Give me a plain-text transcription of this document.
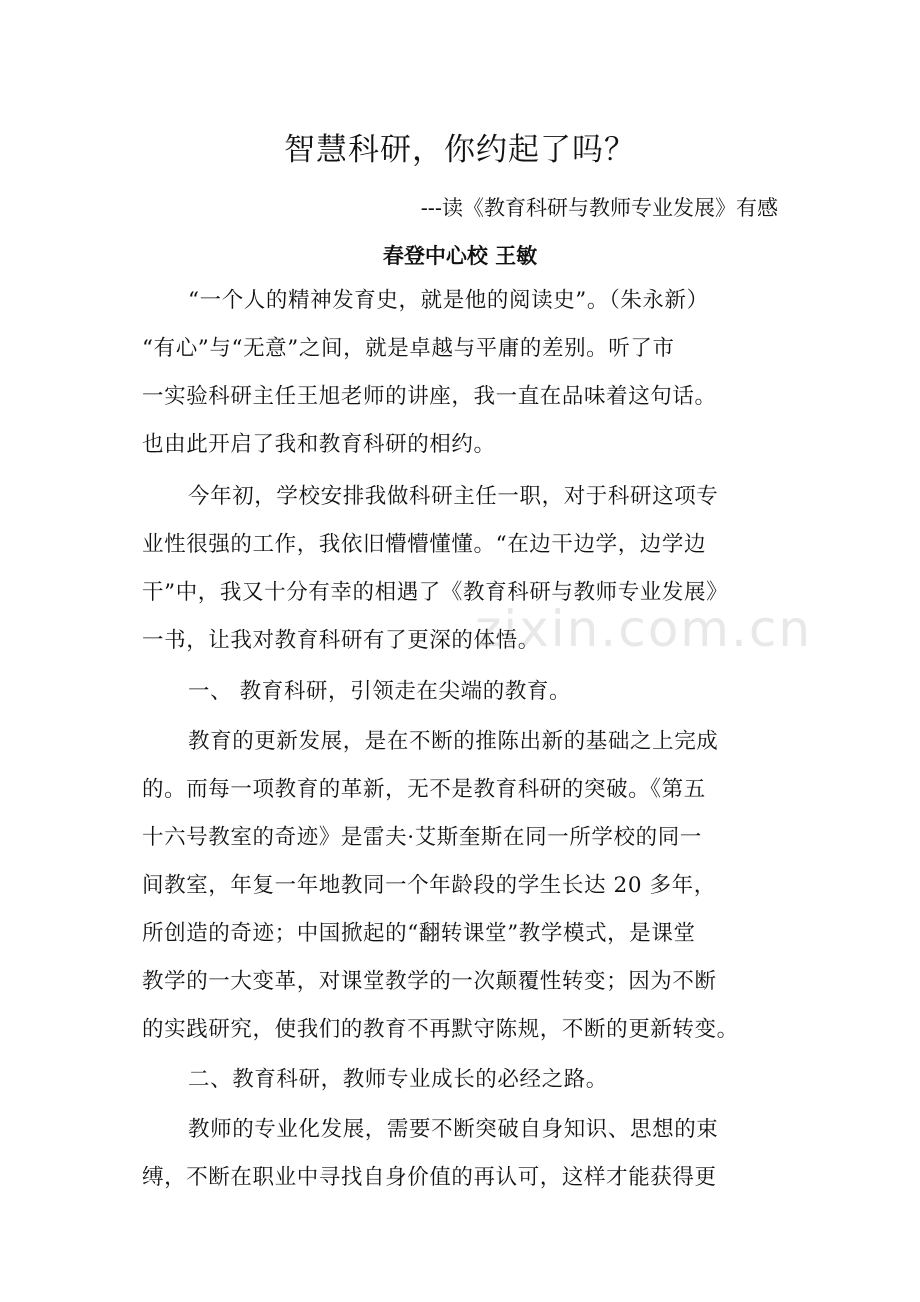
智慧科研，你约起了吗？
---读《教育科研与教师专业发展》有感
春登中心校 王敏
“一个人的精神发育史，就是他的阅读史”。（朱永新）
“有心”与“无意”之间，就是卓越与平庸的差别。听了市
一实验科研主任王旭老师的讲座，我一直在品味着这句话。
也由此开启了我和教育科研的相约。
今年初，学校安排我做科研主任一职，对于科研这项专
业性很强的工作，我依旧懵懵懂懂。“在边干边学，边学边
干”中，我又十分有幸的相遇了《教育科研与教师专业发展》
一书，让我对教育科研有了更深的体悟。
一、 教育科研，引领走在尖端的教育。
教育的更新发展，是在不断的推陈出新的基础之上完成
的。而每一项教育的革新，无不是教育科研的突破。《第五
十六号教室的奇迹》是雷夫·艾斯奎斯在同一所学校的同一
间教室，年复一年地教同一个年龄段的学生长达 20 多年，
所创造的奇迹；中国掀起的“翻转课堂”教学模式，是课堂
教学的一大变革，对课堂教学的一次颠覆性转变；因为不断
的实践研究，使我们的教育不再默守陈规，不断的更新转变。
二、教育科研，教师专业成长的必经之路。
教师的专业化发展，需要不断突破自身知识、思想的束
缚，不断在职业中寻找自身价值的再认可，这样才能获得更
zixin.com.cn
